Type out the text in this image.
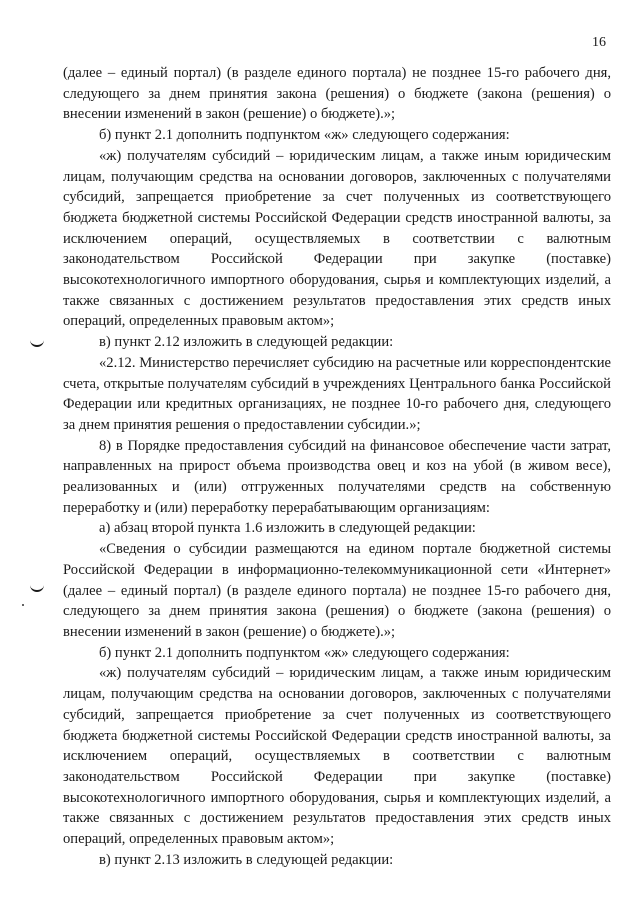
16

(далее – единый портал) (в разделе единого портала) не позднее 15-го рабочего дня, следующего за днем принятия закона (решения) о бюджете (закона (решения) о внесении изменений в закон (решение) о бюджете).»;

б) пункт 2.1 дополнить подпунктом «ж» следующего содержания:

«ж) получателям субсидий – юридическим лицам, а также иным юридическим лицам, получающим средства на основании договоров, заключенных с получателями субсидий, запрещается приобретение за счет полученных из соответствующего бюджета бюджетной системы Российской Федерации средств иностранной валюты, за исключением операций, осуществляемых в соответствии с валютным законодательством Российской Федерации при закупке (поставке) высокотехнологичного импортного оборудования, сырья и комплектующих изделий, а также связанных с достижением результатов предоставления этих средств иных операций, определенных правовым актом»;

в) пункт 2.12 изложить в следующей редакции:

«2.12. Министерство перечисляет субсидию на расчетные или корреспондентские счета, открытые получателям субсидий в учреждениях Центрального банка Российской Федерации или кредитных организациях, не позднее 10-го рабочего дня, следующего за днем принятия решения о предоставлении субсидии.»;

8) в Порядке предоставления субсидий на финансовое обеспечение части затрат, направленных на прирост объема производства овец и коз на убой (в живом весе), реализованных и (или) отгруженных получателями средств на собственную переработку и (или) переработку перерабатывающим организациям:

а) абзац второй пункта 1.6 изложить в следующей редакции:

«Сведения о субсидии размещаются на едином портале бюджетной системы Российской Федерации в информационно-телекоммуникационной сети «Интернет» (далее – единый портал) (в разделе единого портала) не позднее 15-го рабочего дня, следующего за днем принятия закона (решения) о бюджете (закона (решения) о внесении изменений в закон (решение) о бюджете).»;

б) пункт 2.1 дополнить подпунктом «ж» следующего содержания:

«ж) получателям субсидий – юридическим лицам, а также иным юридическим лицам, получающим средства на основании договоров, заключенных с получателями субсидий, запрещается приобретение за счет полученных из соответствующего бюджета бюджетной системы Российской Федерации средств иностранной валюты, за исключением операций, осуществляемых в соответствии с валютным законодательством Российской Федерации при закупке (поставке) высокотехнологичного импортного оборудования, сырья и комплектующих изделий, а также связанных с достижением результатов предоставления этих средств иных операций, определенных правовым актом»;

в) пункт 2.13 изложить в следующей редакции:
